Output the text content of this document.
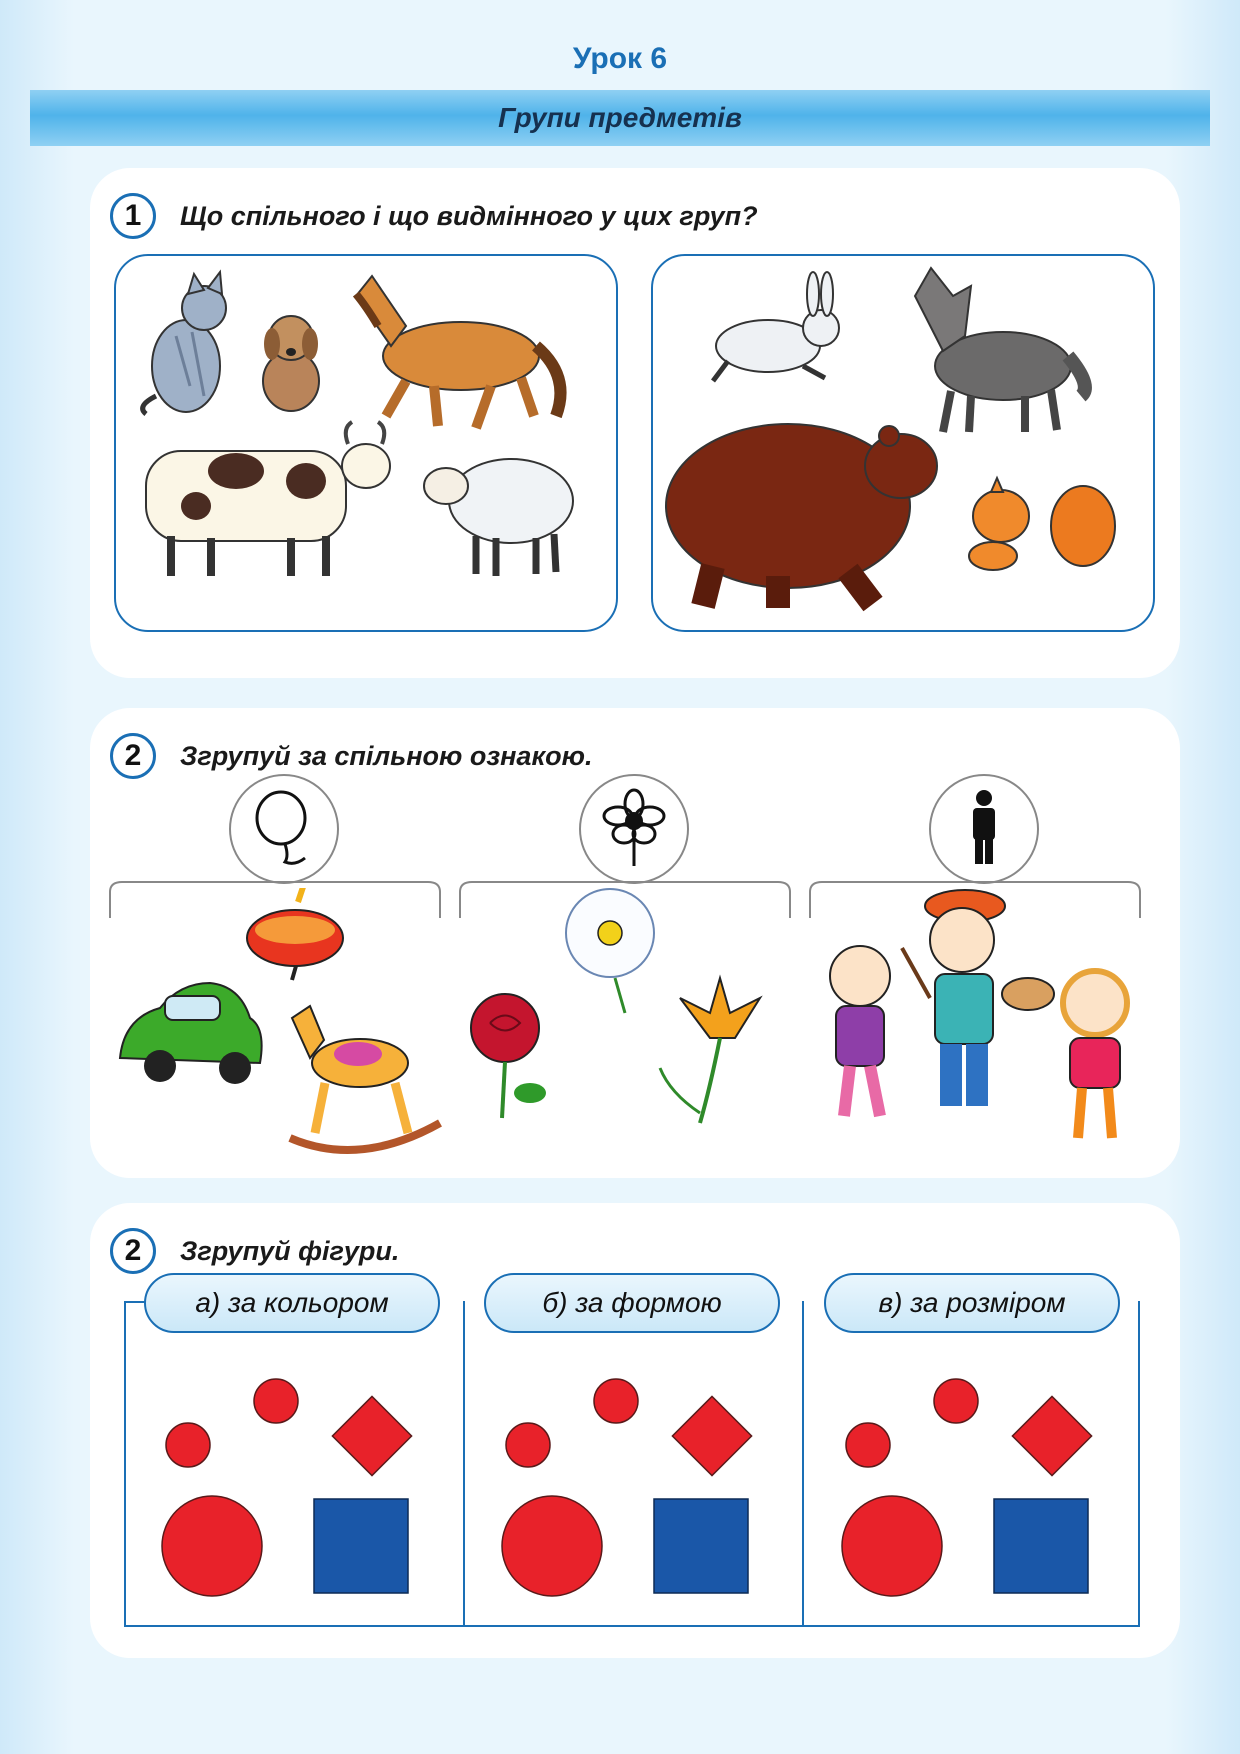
Урок 6
Групи предметів
1	Що спільного і що видмінного у цих груп?
2	Згрупуй за спільною ознакою.
2	Згрупуй фігури.
а) за кольором	б) за формою	в) за розміром
